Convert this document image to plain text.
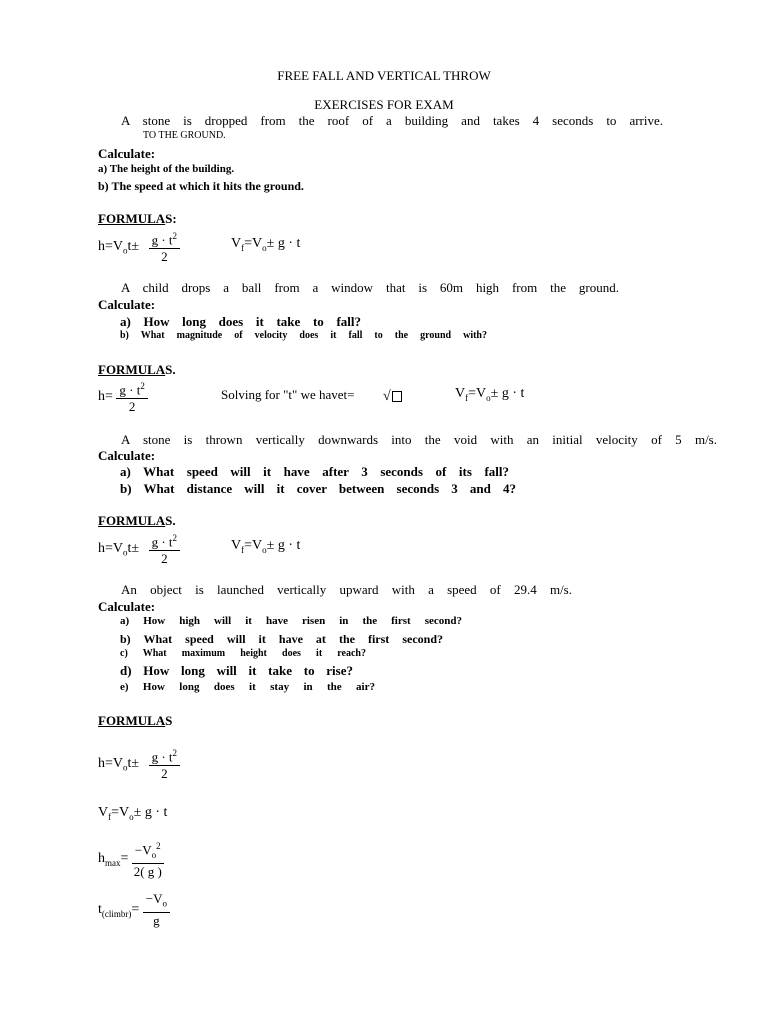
FREE FALL AND VERTICAL THROW
EXERCISES FOR EXAM
A stone is dropped from the roof of a building and takes 4 seconds to arrive.
TO THE GROUND.
Calculate:
a) The height of the building.
b) The speed at which it hits the ground.
FORMULAS:
$h=V_ot\pm \frac{g \cdot t^2}{2}$	$V_f=V_o\pm g \cdot t$
A child drops a ball from a window that is 60m high from the ground.
Calculate:
a) How long does it take to fall?
b) What magnitude of velocity does it fall to the ground with?
FORMULAS.
$h= \frac{g \cdot t^2}{2}$	Solving for "t" we havet= √	$V_f=V_o\pm g \cdot t$
A stone is thrown vertically downwards into the void with an initial velocity of 5 m/s.
Calculate:
a) What speed will it have after 3 seconds of its fall?
b) What distance will it cover between seconds 3 and 4?
FORMULAS.
$h=V_ot\pm \frac{g \cdot t^2}{2}$	$V_f=V_o\pm g \cdot t$
An object is launched vertically upward with a speed of 29.4 m/s.
Calculate:
a) How high will it have risen in the first second?
b) What speed will it have at the first second?
c) What maximum height does it reach?
d) How long will it take to rise?
e) How long does it stay in the air?
FORMULAS
$h=V_ot\pm \frac{g \cdot t^2}{2}$
$V_f=V_o\pm g \cdot t$
$h_{max}= \frac{-V_o^2}{2( g )}$
$t_{(climbr)}= \frac{-V_o}{g}$
